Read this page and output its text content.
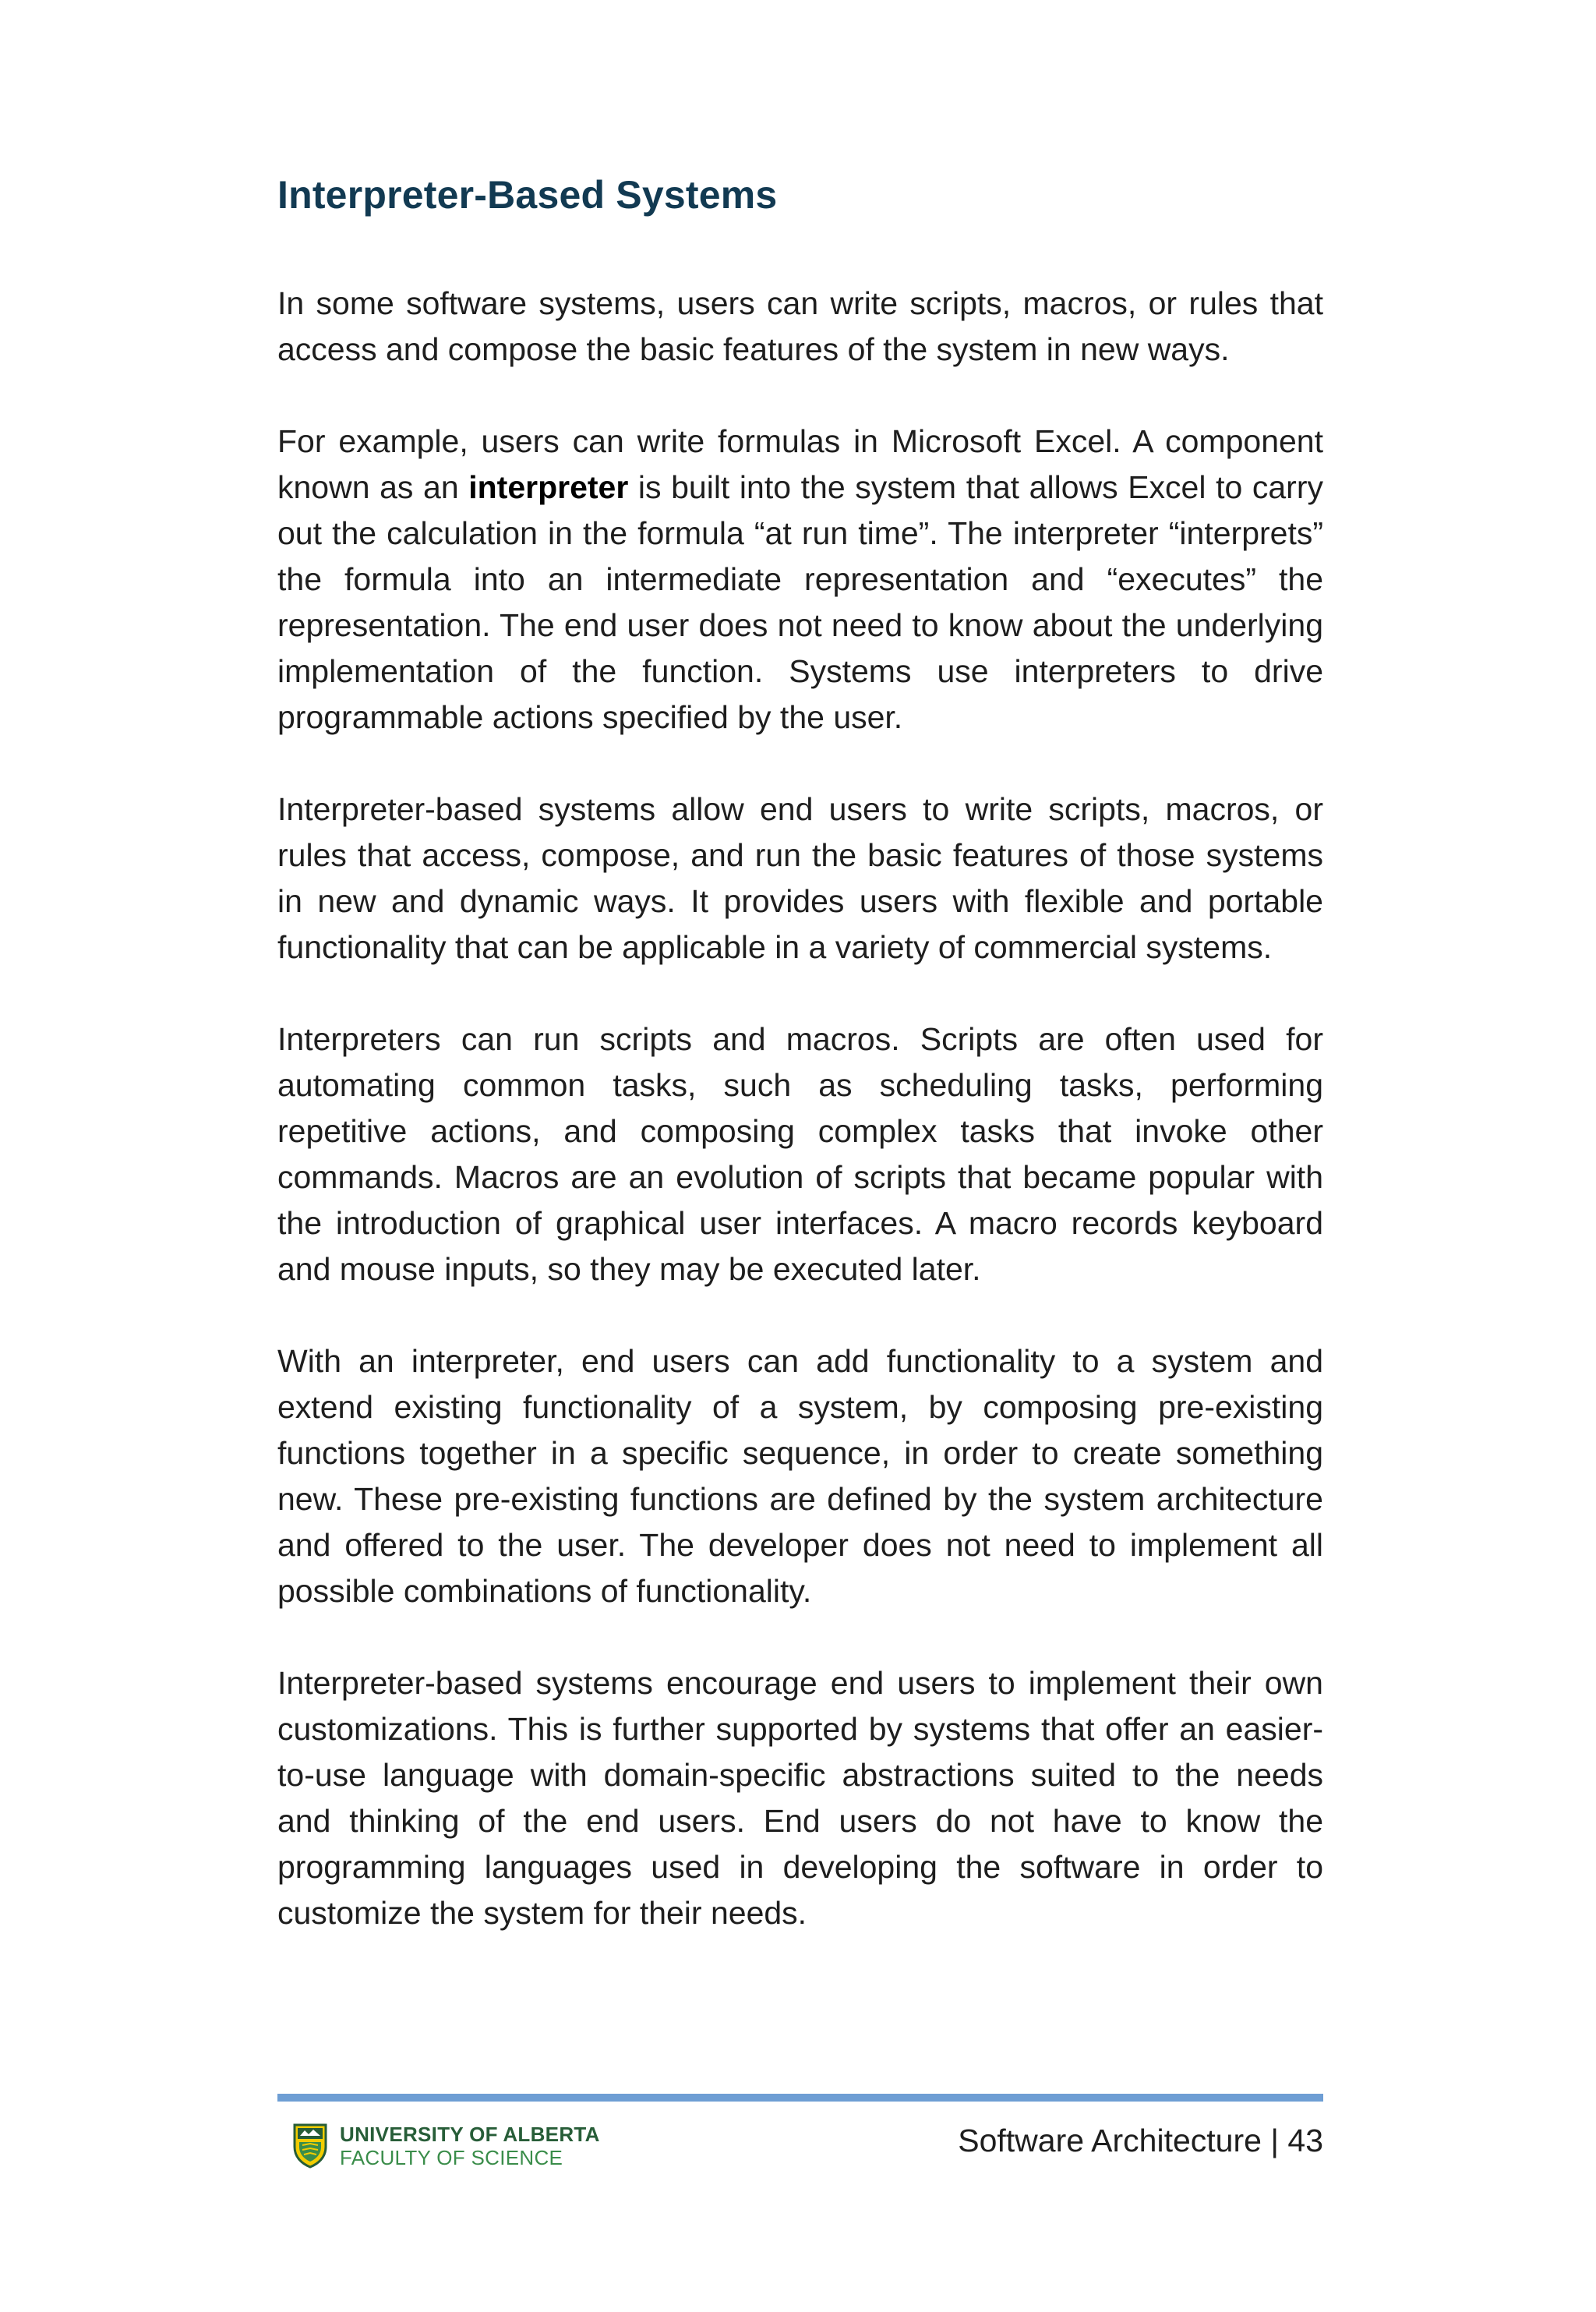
Interpreter-Based Systems

In some software systems, users can write scripts, macros, or rules that access and compose the basic features of the system in new ways.

For example, users can write formulas in Microsoft Excel. A component known as an interpreter is built into the system that allows Excel to carry out the calculation in the formula “at run time”. The interpreter “interprets” the formula into an intermediate representation and “executes” the representation. The end user does not need to know about the underlying implementation of the function. Systems use interpreters to drive programmable actions specified by the user.

Interpreter-based systems allow end users to write scripts, macros, or rules that access, compose, and run the basic features of those systems in new and dynamic ways. It provides users with flexible and portable functionality that can be applicable in a variety of commercial systems.

Interpreters can run scripts and macros. Scripts are often used for automating common tasks, such as scheduling tasks, performing repetitive actions, and composing complex tasks that invoke other commands. Macros are an evolution of scripts that became popular with the introduction of graphical user interfaces. A macro records keyboard and mouse inputs, so they may be executed later.

With an interpreter, end users can add functionality to a system and extend existing functionality of a system, by composing pre-existing functions together in a specific sequence, in order to create something new. These pre-existing functions are defined by the system architecture and offered to the user. The developer does not need to implement all possible combinations of functionality.

Interpreter-based systems encourage end users to implement their own customizations. This is further supported by systems that offer an easier-to-use language with domain-specific abstractions suited to the needs and thinking of the end users. End users do not have to know the programming languages used in developing the software in order to customize the system for their needs.

UNIVERSITY OF ALBERTA
FACULTY OF SCIENCE	Software Architecture | 43
